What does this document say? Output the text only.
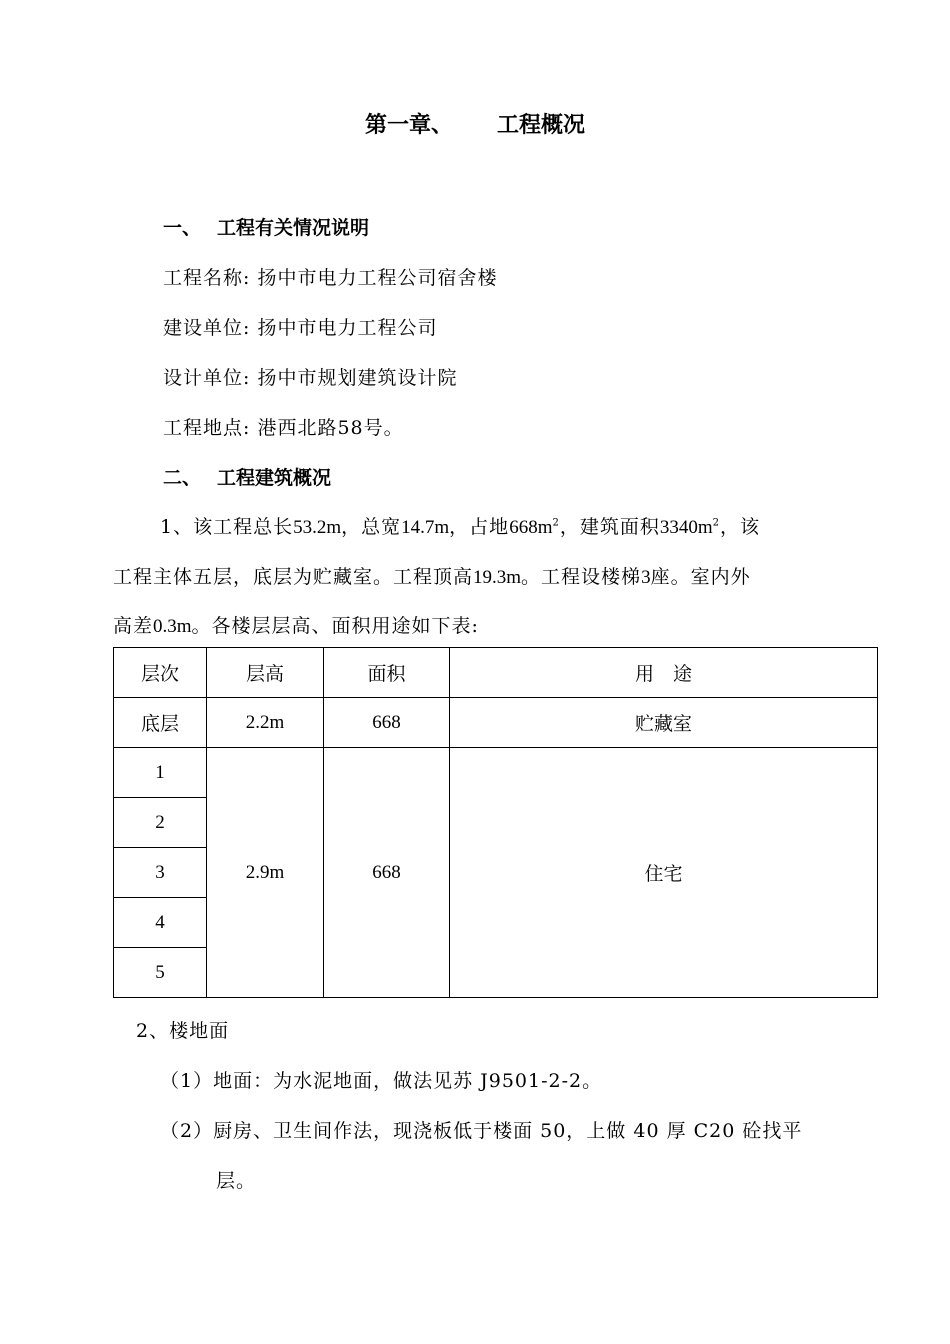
第一章、 工程概况
一、 工程有关情况说明
工程名称: 扬中市电力工程公司宿舍楼
建设单位: 扬中市电力工程公司
设计单位: 扬中市规划建筑设计院
工程地点: 港西北路58号。
二、 工程建筑概况
1、该工程总长53.2m，总宽14.7m，占地$668m^2$，建筑面积$3340m^2$，该
工程主体五层，底层为贮藏室。工程顶高19.3m。工程设楼梯3座。室内外
高差0.3m。各楼层层高、面积用途如下表:
层次	层高	面积	用　途
底层	2.2m	668	贮藏室
1	2.9m	668	住宅
2			
3			
4			
5			
2、楼地面
（1）地面：为水泥地面，做法见苏 J9501-2-2。
（2）厨房、卫生间作法，现浇板低于楼面 50，上做 40 厚 C20 砼找平
层。
